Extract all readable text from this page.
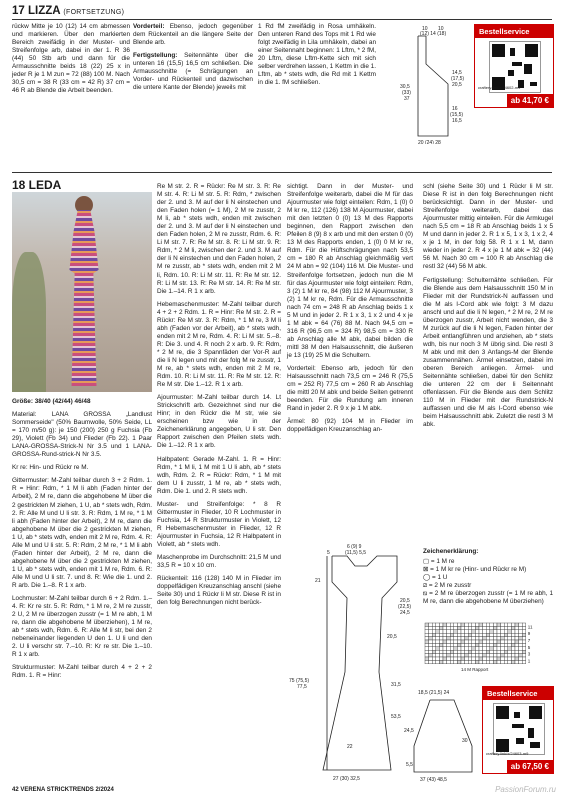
17 LIZZA (FORTSETZUNG)

rückw Mitte je 10 (12) 14 cm abmessen und markieren. Über den markierten Bereich zweifädig in der Muster- und Streifenfolge arb, dabei in der 1. R 36 (44) 50 Stb arb und dann für die Armausschnitte beids 18 (22) 25 x in jeder R je 1 M zun = 72 (88) 100 M. Nach 30,5 cm = 38 R (33 cm = 42 R) 37 cm = 46 R ab Blende die Arbeit beenden.

Vorderteil: Ebenso, jedoch gegenüber dem Rückenteil an die längere Seite der Blende arb.

Fertigstellung: Seitennähte über die unteren 16 (15,5) 16,5 cm schließen. Die Armausschnitte (= Schrägungen an Vorder- und Rückenteil und dazwischen die untere Kante der Blende) jeweils mit

1 Rd fM zweifädig in Rosa umhäkeln. Den unteren Rand des Tops mit 1 Rd wie folgt zweifädig in Lila umhäkeln, dabei an einer Seitennaht beginnen: 1 Lftm, * 2 fM, 20 Lftm, diese Lftm-Kette sich mit sich selber verdrehen lassen, 1 Kettm in die 1. Lftm, ab * stets wdh, die Rd mit 1 Kettm in die 1. fM schließen.

10 10
(12) 14 (18)
30,5
(33)
37
14,5
(17,5)
20,5
16
(15,5)
16,5
20 (24) 28
Bestellservice
craftery.link/x/24602-m9
ab 41,70 €
18 LEDA

Größe: 38/40 (42/44) 46/48

Material: LANA GROSSA „Landlust Sommerseide" (50% Baumwolle, 50% Seide, LL = 170 m/50 g): je 150 (200) 250 g Fuchsia (Fb 29), Violett (Fb 34) und Flieder (Fb 22). 1 Paar LANA-GROSSA-Strick-N Nr 3.5 und 1 LANA-GROSSA-Rund-strick-N Nr 3.5.

Kr re: Hin- und Rückr re M.

Gittermuster: M-Zahl teilbar durch 3 + 2 Rdm. 1. R = Hinr: Rdm, * 1 M li abh (Faden hinter der Arbeit), 2 M re, dann die abgehobene M über die 2 gestrickten M ziehen, 1 U, ab * stets wdh, Rdm. 2. R: Alle M und U li str. 3. R: Rdm, 1 M re, * 1 M li abh (Faden hinter der Arbeit), 2 M re, dann die abgehobene M über die 2 gestrickten M ziehen, 1 U, ab * stets wdh, enden mit 2 M re, Rdm. 4. R: Alle M und U li str. 5. R: Rdm, 2 M re, * 1 M li abh (Faden hinter der Arbeit), 2 M re, dann die abgehobene M über die 2 gestrickten M ziehen, 1 U, ab * stets wdh, enden mit 1 M re, Rdm. 6. R: Alle M und U li str. 7. und 8. R: Wie die 1. und 2. R arb. Die 1.–8. R 1 x arb.

Lochmuster: M-Zahl teilbar durch 6 + 2 Rdm. 1.–4. R: Kr re str. 5. R: Rdm, * 1 M re, 2 M re zusstr, 2 U, 2 M re überzogen zusstr (= 1 M re abh, 1 M re, dann die abgehobene M überziehen), 1 M re, ab * stets wdh, Rdm. 6. R: Alle M li str, bei den 2 nebeneinander liegenden U den 1. U li und den 2. U li verschr str. 7.–10. R: Kr re str. Die 1.–10. R 1 x arb.

Strukturmuster: M-Zahl teilbar durch 4 + 2 + 2 Rdm. 1. R = Hinr:

Re M str. 2. R = Rückr: Re M str. 3. R: Re M str. 4. R: Li M str. 5. R: Rdm, * zwischen der 2. und 3. M auf der li N einstechen und den Faden holen (= 1 M), 2 M re zusstr, 2 M li, ab * stets wdh, enden mit zwischen der 2. und 3. M auf der li N einstechen und den Faden holen, 2 M re zusstr, Rdm. 6. R: Li M str. 7. R: Re M str. 8. R: Li M str. 9. R: Rdm, * 2 M li, zwischen der 2. und 3. M auf der li N einstechen und den Faden holen, 2 M re zusstr, ab * stets wdh, enden mit 2 M li, Rdm. 10. R: Li M str. 11. R: Re M str. 12. R: Li M str. 13. R: Re M str. 14. R: Re M str. Die 1.–14. R 1 x arb.

Hebemaschenmuster: M-Zahl teilbar durch 4 + 2 + 2 Rdm. 1. R = Hinr: Re M str. 2. R = Rückr: Re M str. 3. R: Rdm, * 1 M re, 3 M li abh (Faden vor der Arbeit), ab * stets wdh, enden mit 2 M re, Rdm. 4. R: Li M str. 5.–8. R: Die 3. und 4. R noch 2 x arb. 9. R: Rdm, * 2 M re, die 3 Spannfäden der Vor-R auf die li N legen und mit der folg M re zusstr, 1 M re, ab * stets wdh, enden mit 2 M re, Rdm. 10. R: Li M str. 11. R: Re M str. 12. R: Re M str. Die 1.–12. R 1 x arb.

Ajourmuster: M-Zahl teilbar durch 14. Lt Strickschrift arb. Gezeichnet sind nur die Hinr; in den Rückr die M str, wie sie erscheinen bzw wie in der Zeichenerklärung angegeben, U li str. Den Rapport zwischen den Pfeilen stets wdh. Die 1.–12. R 1 x arb.

Halbpatent: Gerade M-Zahl. 1. R = Hinr: Rdm, * 1 M li, 1 M mit 1 U li abh, ab * stets wdh, Rdm. 2. R = Rückr: Rdm, * 1 M mit dem U li zusstr, 1 M re, ab * stets wdh, Rdm. Die 1. und 2. R stets wdh.

Muster- und Streifenfolge: * 8 R Gittermuster in Flieder, 10 R Lochmuster in Fuchsia, 14 R Strukturmuster in Violett, 12 R Hebemaschenmuster in Flieder, 12 R Ajourmuster in Fuchsia, 12 R Halbpatent in Violett, ab * stets wdh.

Maschenprobe im Durchschnitt: 21,5 M und 33,5 R = 10 x 10 cm.

Rückenteil: 116 (128) 140 M in Flieder im doppelfädigen Kreuzanschlag anschl (siehe Seite 30) und 1 Rückr li M str. Diese R ist in den folg Berechnungen nicht berück-

sichtigt. Dann in der Muster- und Streifenfolge weiterarb, dabei die M für das Ajourmuster wie folgt einteilen: Rdm, 1 (0) 0 M kr re, 112 (126) 138 M Ajourmuster, dabei mit den letzten 0 (0) 13 M des Rapports beginnen, den Rapport zwischen den Pfeilen 8 (9) 8 x arb und mit den ersten 0 (0) 13 M des Rapports enden, 1 (0) 0 M kr re, Rdm. Für die Hüftschrägungen nach 53,5 cm = 180 R ab Anschlag gleichmäßig vert 24 M abn = 92 (104) 116 M. Die Muster- und Streifenfolge fortsetzen, jedoch nun die M für das Ajourmuster wie folgt einteilen: Rdm, 3 (2) 1 M kr re, 84 (98) 112 M Ajourmuster, 3 (2) 1 M kr re, Rdm. Für die Armausschnitte nach 74 cm = 248 R ab Anschlag beids 1 x 5 M und in jeder 2. R 1 x 3, 1 x 2 und 4 x je 1 M abk = 64 (76) 88 M. Nach 94,5 cm = 316 R (96,5 cm = 324 R) 98,5 cm = 330 R ab Anschlag alle M abk, dabei bilden die mittl 38 M den Halsausschnitt, die äußeren je 13 (19) 25 M die Schultern.

Vorderteil: Ebenso arb, jedoch für den Halsausschnitt nach 73,5 cm = 246 R (75,5 cm = 252 R) 77,5 cm = 260 R ab Anschlag die mittl 20 M abk und beide Seiten getrennt beenden. Für die Rundung am inneren Rand in jeder 2. R 9 x je 1 M abk.

Ärmel: 80 (92) 104 M in Flieder im doppelfädigen Kreuzanschlag an-

schl (siehe Seite 30) und 1 Rückr li M str. Diese R ist in den folg Berechnungen nicht berücksichtigt. Dann in der Muster- und Streifenfolge weiterarb, dabei das Ajourmuster mittig einteilen. Für die Armkugel nach 5,5 cm = 18 R ab Anschlag beids 1 x 5 M und dann in jeder 2. R 1 x 5, 1 x 3, 1 x 2, 4 x je 1 M, in der folg 58. R 1 x 1 M, dann wieder in jeder 2. R 4 x je 1 M abk = 32 (44) 56 M. Nach 30 cm = 100 R ab Anschlag die restl 32 (44) 56 M abk.

Fertigstellung: Schulternähte schließen. Für die Blende aus dem Halsausschnitt 150 M in Flieder mit der Rundstrick-N auffassen und die M als I-Cord abk wie folgt: 3 M dazu anschl und auf die li N legen, * 2 M re, 2 M re überzogen zusstr, Arbeit nicht wenden, die 3 M zurück auf die li N legen, Faden hinter der Arbeit entlangführen und anziehen, ab * stets wdh, bis nur noch 3 M übrig sind. Die restl 3 M abk und mit den 3 Anfangs-M der Blende zusammennähen. Ärmel einsetzen, dabei im oberen Bereich anliegen. Ärmel- und Seitennähte schließen, dabei für den Schlitz die unteren 22 cm der li Seitennaht offenlassen. Für die Blende aus dem Schlitz 110 M in Flieder mit der Rundstrick-N auffassen und die M als I-Cord ebenso wie beim Halsausschnitt abk. Zuletzt die restl 3 M abk.

Zeichenerklärung:

▢ = 1 M re
⊠ = 1 M kr re (Hinr- und Rückr re M)
◯ = 1 U
⧄ = 2 M re zusstr
⧅ = 2 M re überzogen zusstr (= 1 M re abh, 1 M re, dann die abgehobene M überziehen)
11
9
7
5
3
1
14 M Rapport
6 (9) 9
(11,5) 5,5
5
21
20,5
(22,5)
24,5
20,5
31,5
75 (75,5)
77,5
53,5
22
27 (30) 32,5
18,5 (21,5) 24
24,5
5,5
30
37 (43) 48,5
Bestellservice
craftery.link/x/24603-m9
ab 67,50 €
42 VERENA STRICKTRENDS 2/2024	PassionForum.ru
